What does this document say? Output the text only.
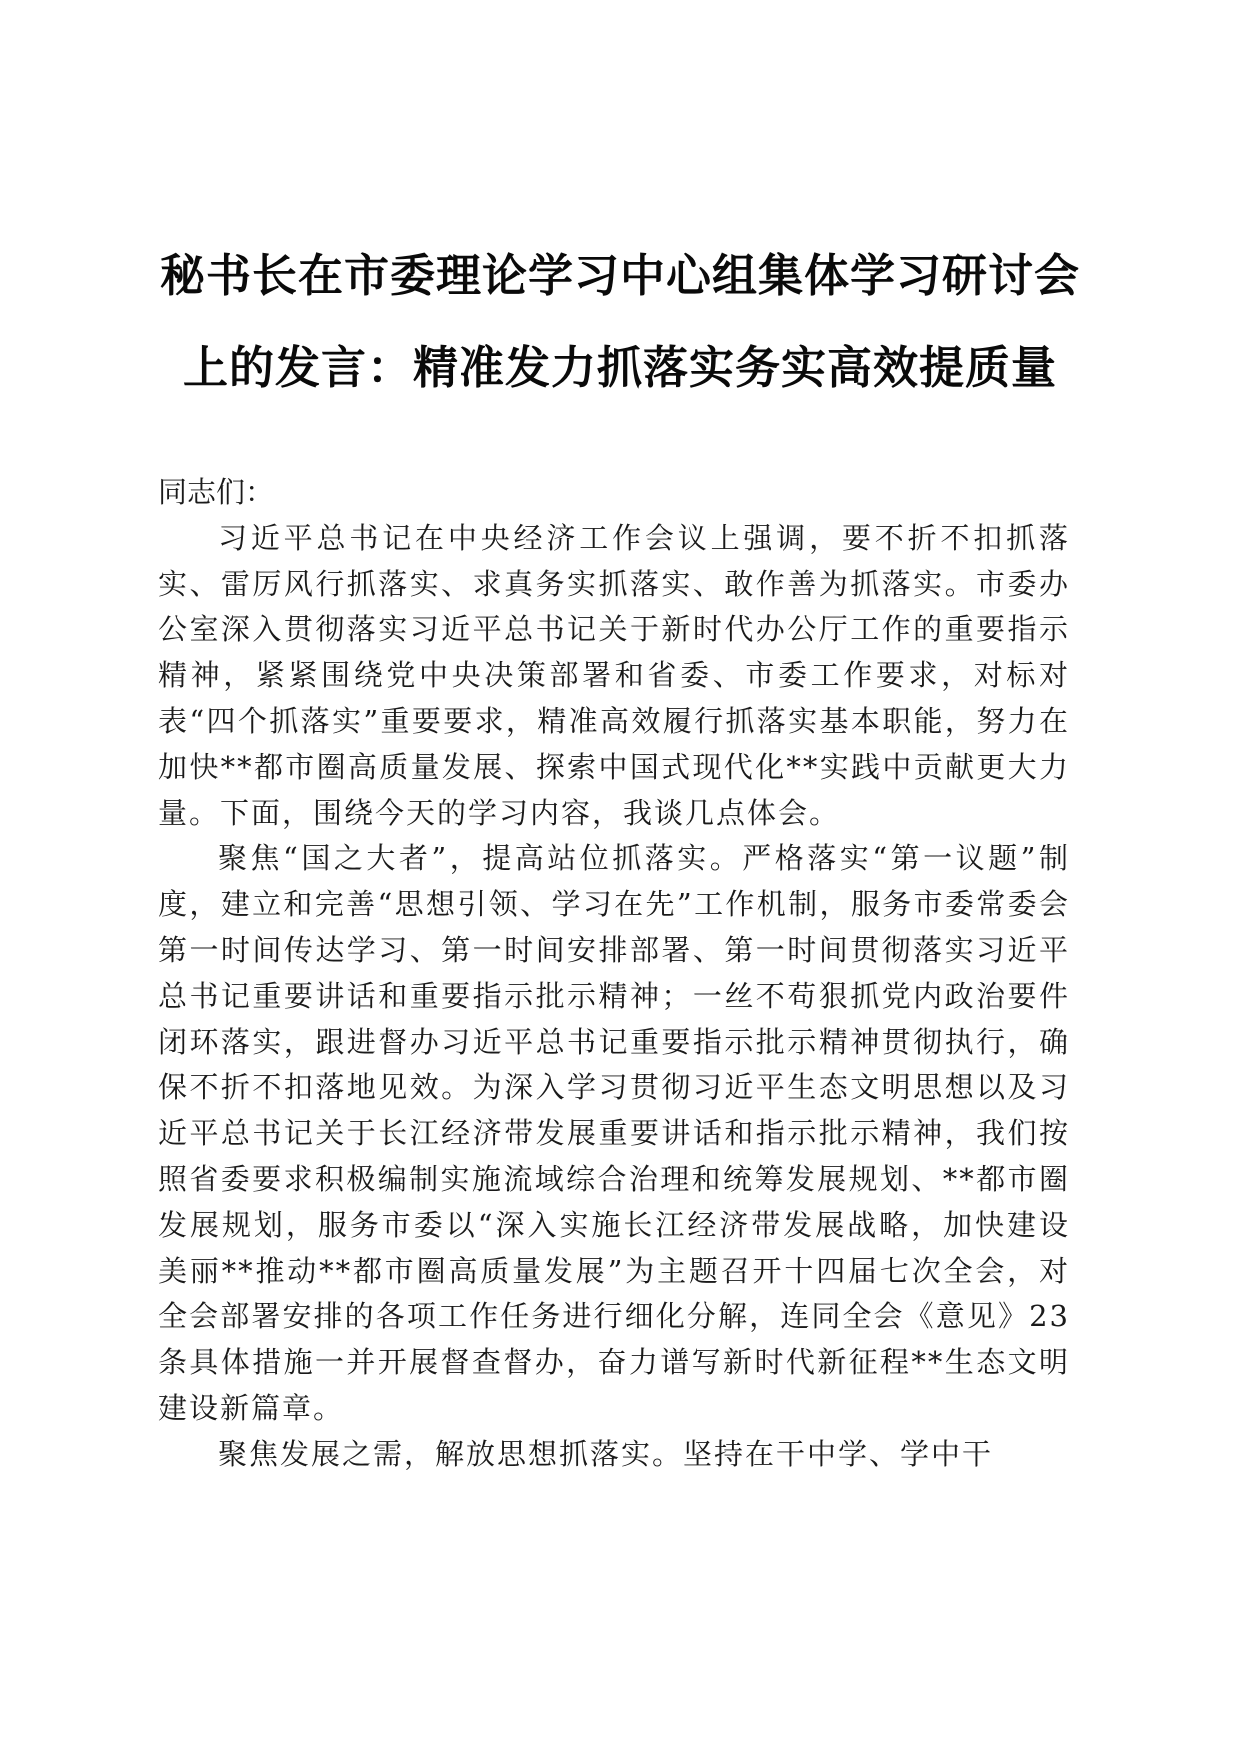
秘书长在市委理论学习中心组集体学习研讨会
上的发言：精准发力抓落实务实高效提质量

同志们：

习近平总书记在中央经济工作会议上强调，要不折不扣抓落实、雷厉风行抓落实、求真务实抓落实、敢作善为抓落实。市委办公室深入贯彻落实习近平总书记关于新时代办公厅工作的重要指示精神，紧紧围绕党中央决策部署和省委、市委工作要求，对标对表“四个抓落实”重要要求，精准高效履行抓落实基本职能，努力在加快**都市圈高质量发展、探索中国式现代化**实践中贡献更大力量。下面，围绕今天的学习内容，我谈几点体会。

聚焦“国之大者”，提高站位抓落实。严格落实“第一议题”制度，建立和完善“思想引领、学习在先”工作机制，服务市委常委会第一时间传达学习、第一时间安排部署、第一时间贯彻落实习近平总书记重要讲话和重要指示批示精神；一丝不苟狠抓党内政治要件闭环落实，跟进督办习近平总书记重要指示批示精神贯彻执行，确保不折不扣落地见效。为深入学习贯彻习近平生态文明思想以及习近平总书记关于长江经济带发展重要讲话和指示批示精神，我们按照省委要求积极编制实施流域综合治理和统筹发展规划、**都市圈发展规划，服务市委以“深入实施长江经济带发展战略，加快建设美丽**推动**都市圈高质量发展”为主题召开十四届七次全会，对全会部署安排的各项工作任务进行细化分解，连同全会《意见》23条具体措施一并开展督查督办，奋力谱写新时代新征程**生态文明建设新篇章。

聚焦发展之需，解放思想抓落实。坚持在干中学、学中干
